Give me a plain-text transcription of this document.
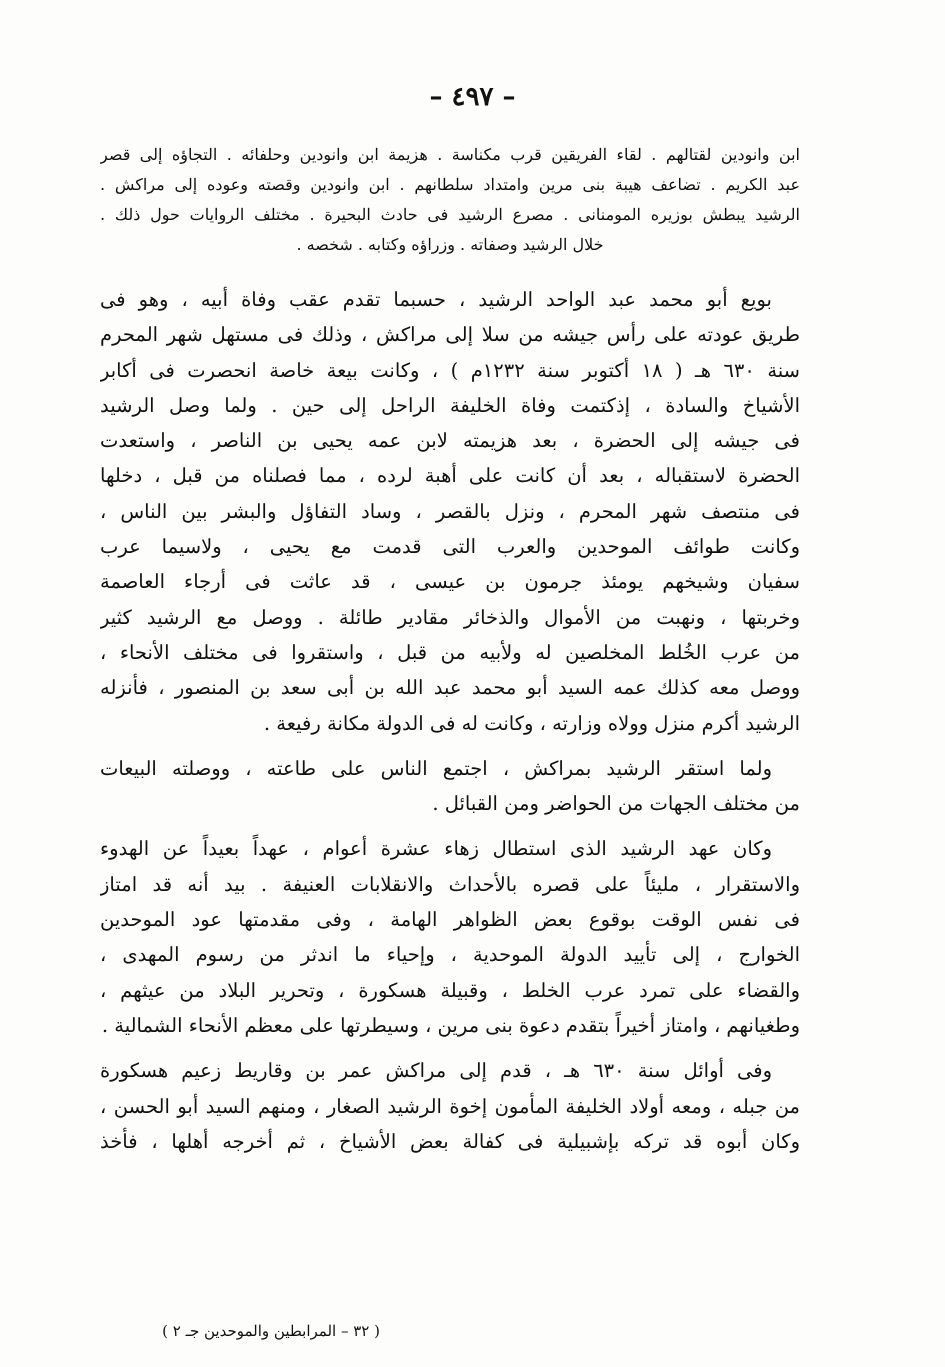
– ٤٩٧ –
ابن وانودين لقتالهم . لقاء الفريقين قرب مكناسة . هزيمة ابن وانودين وحلفائه . التجاؤه إلى قصر
عبد الكريم . تضاعف هيبة بنى مرين وامتداد سلطانهم . ابن وانودين وقصته وعوده إلى مراكش .
الرشيد يبطش بوزيره المومنانى . مصرع الرشيد فى حادث البحيرة . مختلف الروايات حول ذلك .
خلال الرشيد وصفاته . وزراؤه وكتابه . شخصه .
بويع أبو محمد عبد الواحد الرشيد ، حسبما تقدم عقب وفاة أبيه ، وهو فى
طريق عودته على رأس جيشه من سلا إلى مراكش ، وذلك فى مستهل شهر المحرم
سنة ٦٣٠ هـ ( ١٨ أكتوبر سنة ١٢٣٢م ) ، وكانت بيعة خاصة انحصرت فى أكابر
الأشياخ والسادة ، إذكتمت وفاة الخليفة الراحل إلى حين . ولما وصل الرشيد
فى جيشه إلى الحضرة ، بعد هزيمته لابن عمه يحيى بن الناصر ، واستعدت
الحضرة لاستقباله ، بعد أن كانت على أهبة لرده ، مما فصلناه من قبل ، دخلها
فى منتصف شهر المحرم ، ونزل بالقصر ، وساد التفاؤل والبشر بين الناس ،
وكانت طوائف الموحدين والعرب التى قدمت مع يحيى ، ولاسيما عرب
سفيان وشيخهم يومئذ جرمون بن عيسى ، قد عاثت فى أرجاء العاصمة
وخربتها ، ونهبت من الأموال والذخائر مقادير طائلة . ووصل مع الرشيد كثير
من عرب الخُلط المخلصين له ولأبيه من قبل ، واستقروا فى مختلف الأنحاء ،
ووصل معه كذلك عمه السيد أبو محمد عبد الله بن أبى سعد بن المنصور ، فأنزله
الرشيد أكرم منزل وولاه وزارته ، وكانت له فى الدولة مكانة رفيعة .
ولما استقر الرشيد بمراكش ، اجتمع الناس على طاعته ، ووصلته البيعات
من مختلف الجهات من الحواضر ومن القبائل .
وكان عهد الرشيد الذى استطال زهاء عشرة أعوام ، عهداً بعيداً عن الهدوء
والاستقرار ، مليئاً على قصره بالأحداث والانقلابات العنيفة . بيد أنه قد امتاز
فى نفس الوقت بوقوع بعض الظواهر الهامة ، وفى مقدمتها عود الموحدين
الخوارج ، إلى تأييد الدولة الموحدية ، وإحياء ما اندثر من رسوم المهدى ،
والقضاء على تمرد عرب الخلط ، وقبيلة هسكورة ، وتحرير البلاد من عيثهم ،
وطغيانهم ، وامتاز أخيراً بتقدم دعوة بنى مرين ، وسيطرتها على معظم الأنحاء الشمالية .
وفى أوائل سنة ٦٣٠ هـ ، قدم إلى مراكش عمر بن وقاريط زعيم هسكورة
من جبله ، ومعه أولاد الخليفة المأمون إخوة الرشيد الصغار ، ومنهم السيد أبو الحسن ،
وكان أبوه قد تركه بإشبيلية فى كفالة بعض الأشياخ ، ثم أخرجه أهلها ، فأخذ
( ٣٢ – المرابطين والموحدين جـ ٢ )
